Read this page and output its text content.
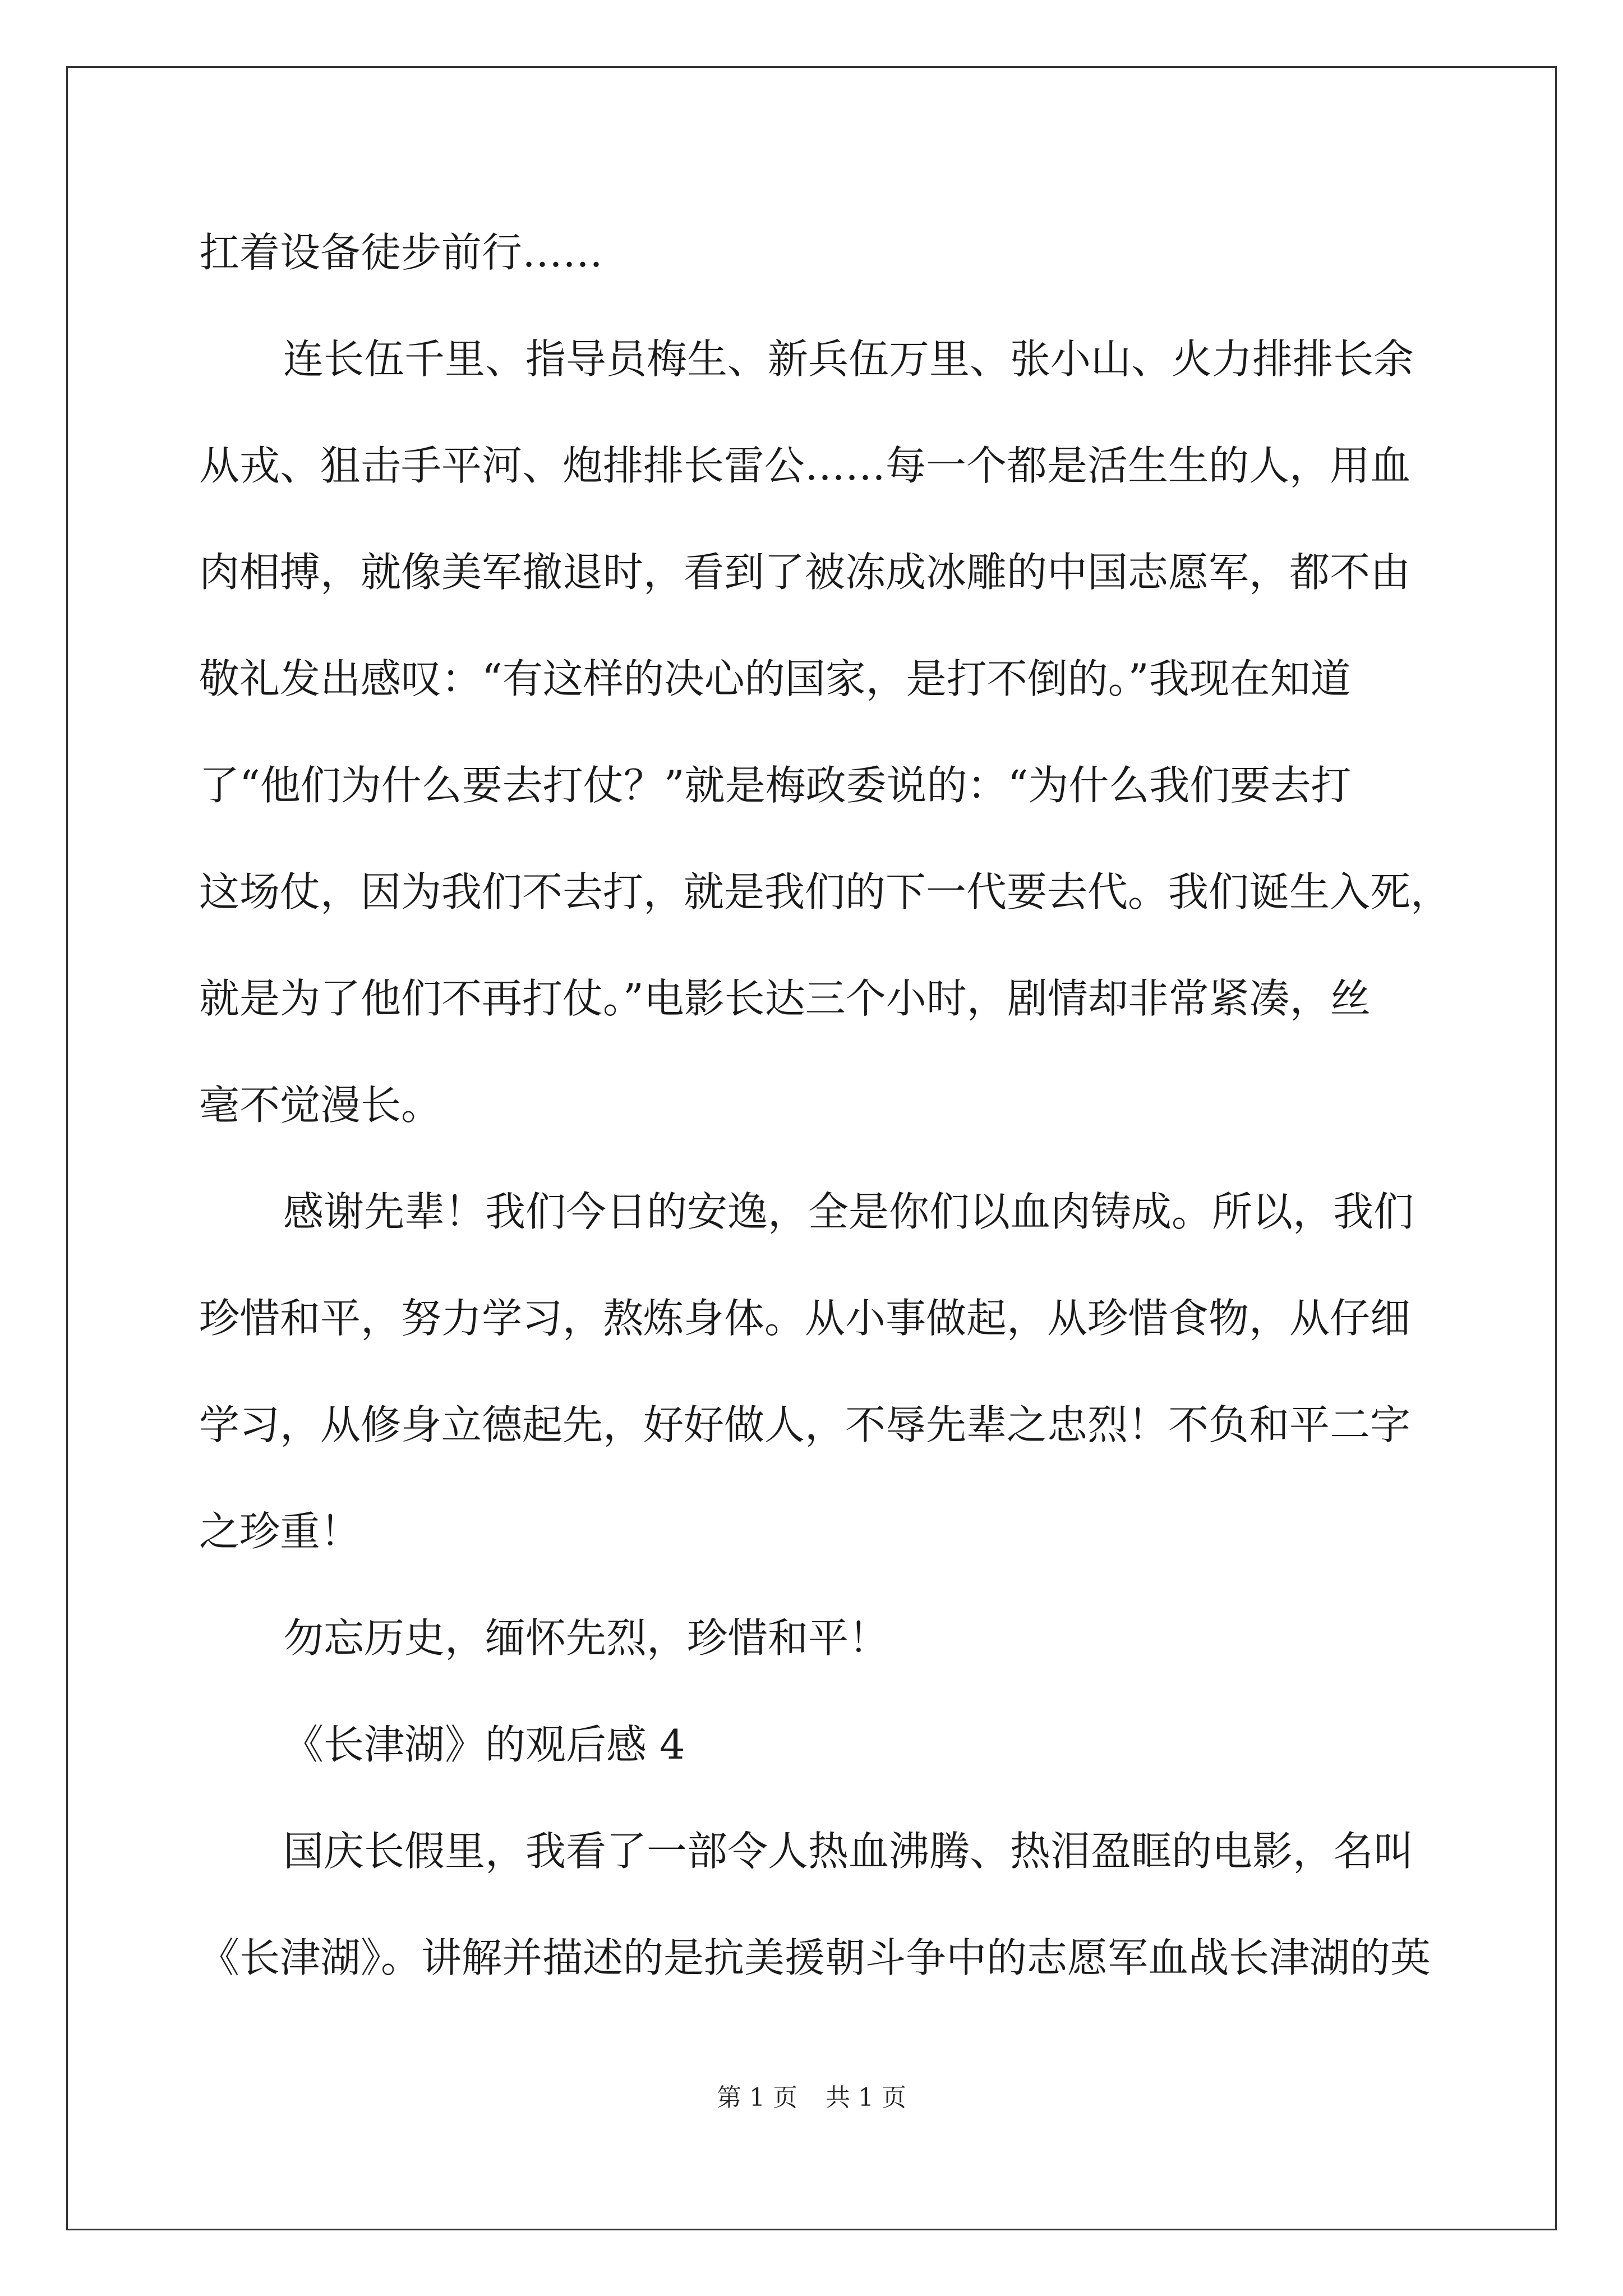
扛着设备徒步前行……
连长伍千里、指导员梅生、新兵伍万里、张小山、火力排排长余
从戎、狙击手平河、炮排排长雷公……每一个都是活生生的人，用血
肉相搏，就像美军撤退时，看到了被冻成冰雕的中国志愿军，都不由
敬礼发出感叹：“有这样的决心的国家，是打不倒的。”我现在知道
了“他们为什么要去打仗？”就是梅政委说的：“为什么我们要去打
这场仗，因为我们不去打，就是我们的下一代要去代。我们诞生入死，
就是为了他们不再打仗。”电影长达三个小时，剧情却非常紧凑，丝
毫不觉漫长。
感谢先辈！我们今日的安逸，全是你们以血肉铸成。所以，我们
珍惜和平，努力学习，熬炼身体。从小事做起，从珍惜食物，从仔细
学习，从修身立德起先，好好做人，不辱先辈之忠烈！不负和平二字
之珍重！
勿忘历史，缅怀先烈，珍惜和平！
《长津湖》的观后感 4
国庆长假里，我看了一部令人热血沸腾、热泪盈眶的电影，名叫
《长津湖》。讲解并描述的是抗美援朝斗争中的志愿军血战长津湖的英
第 1 页 共 1 页
